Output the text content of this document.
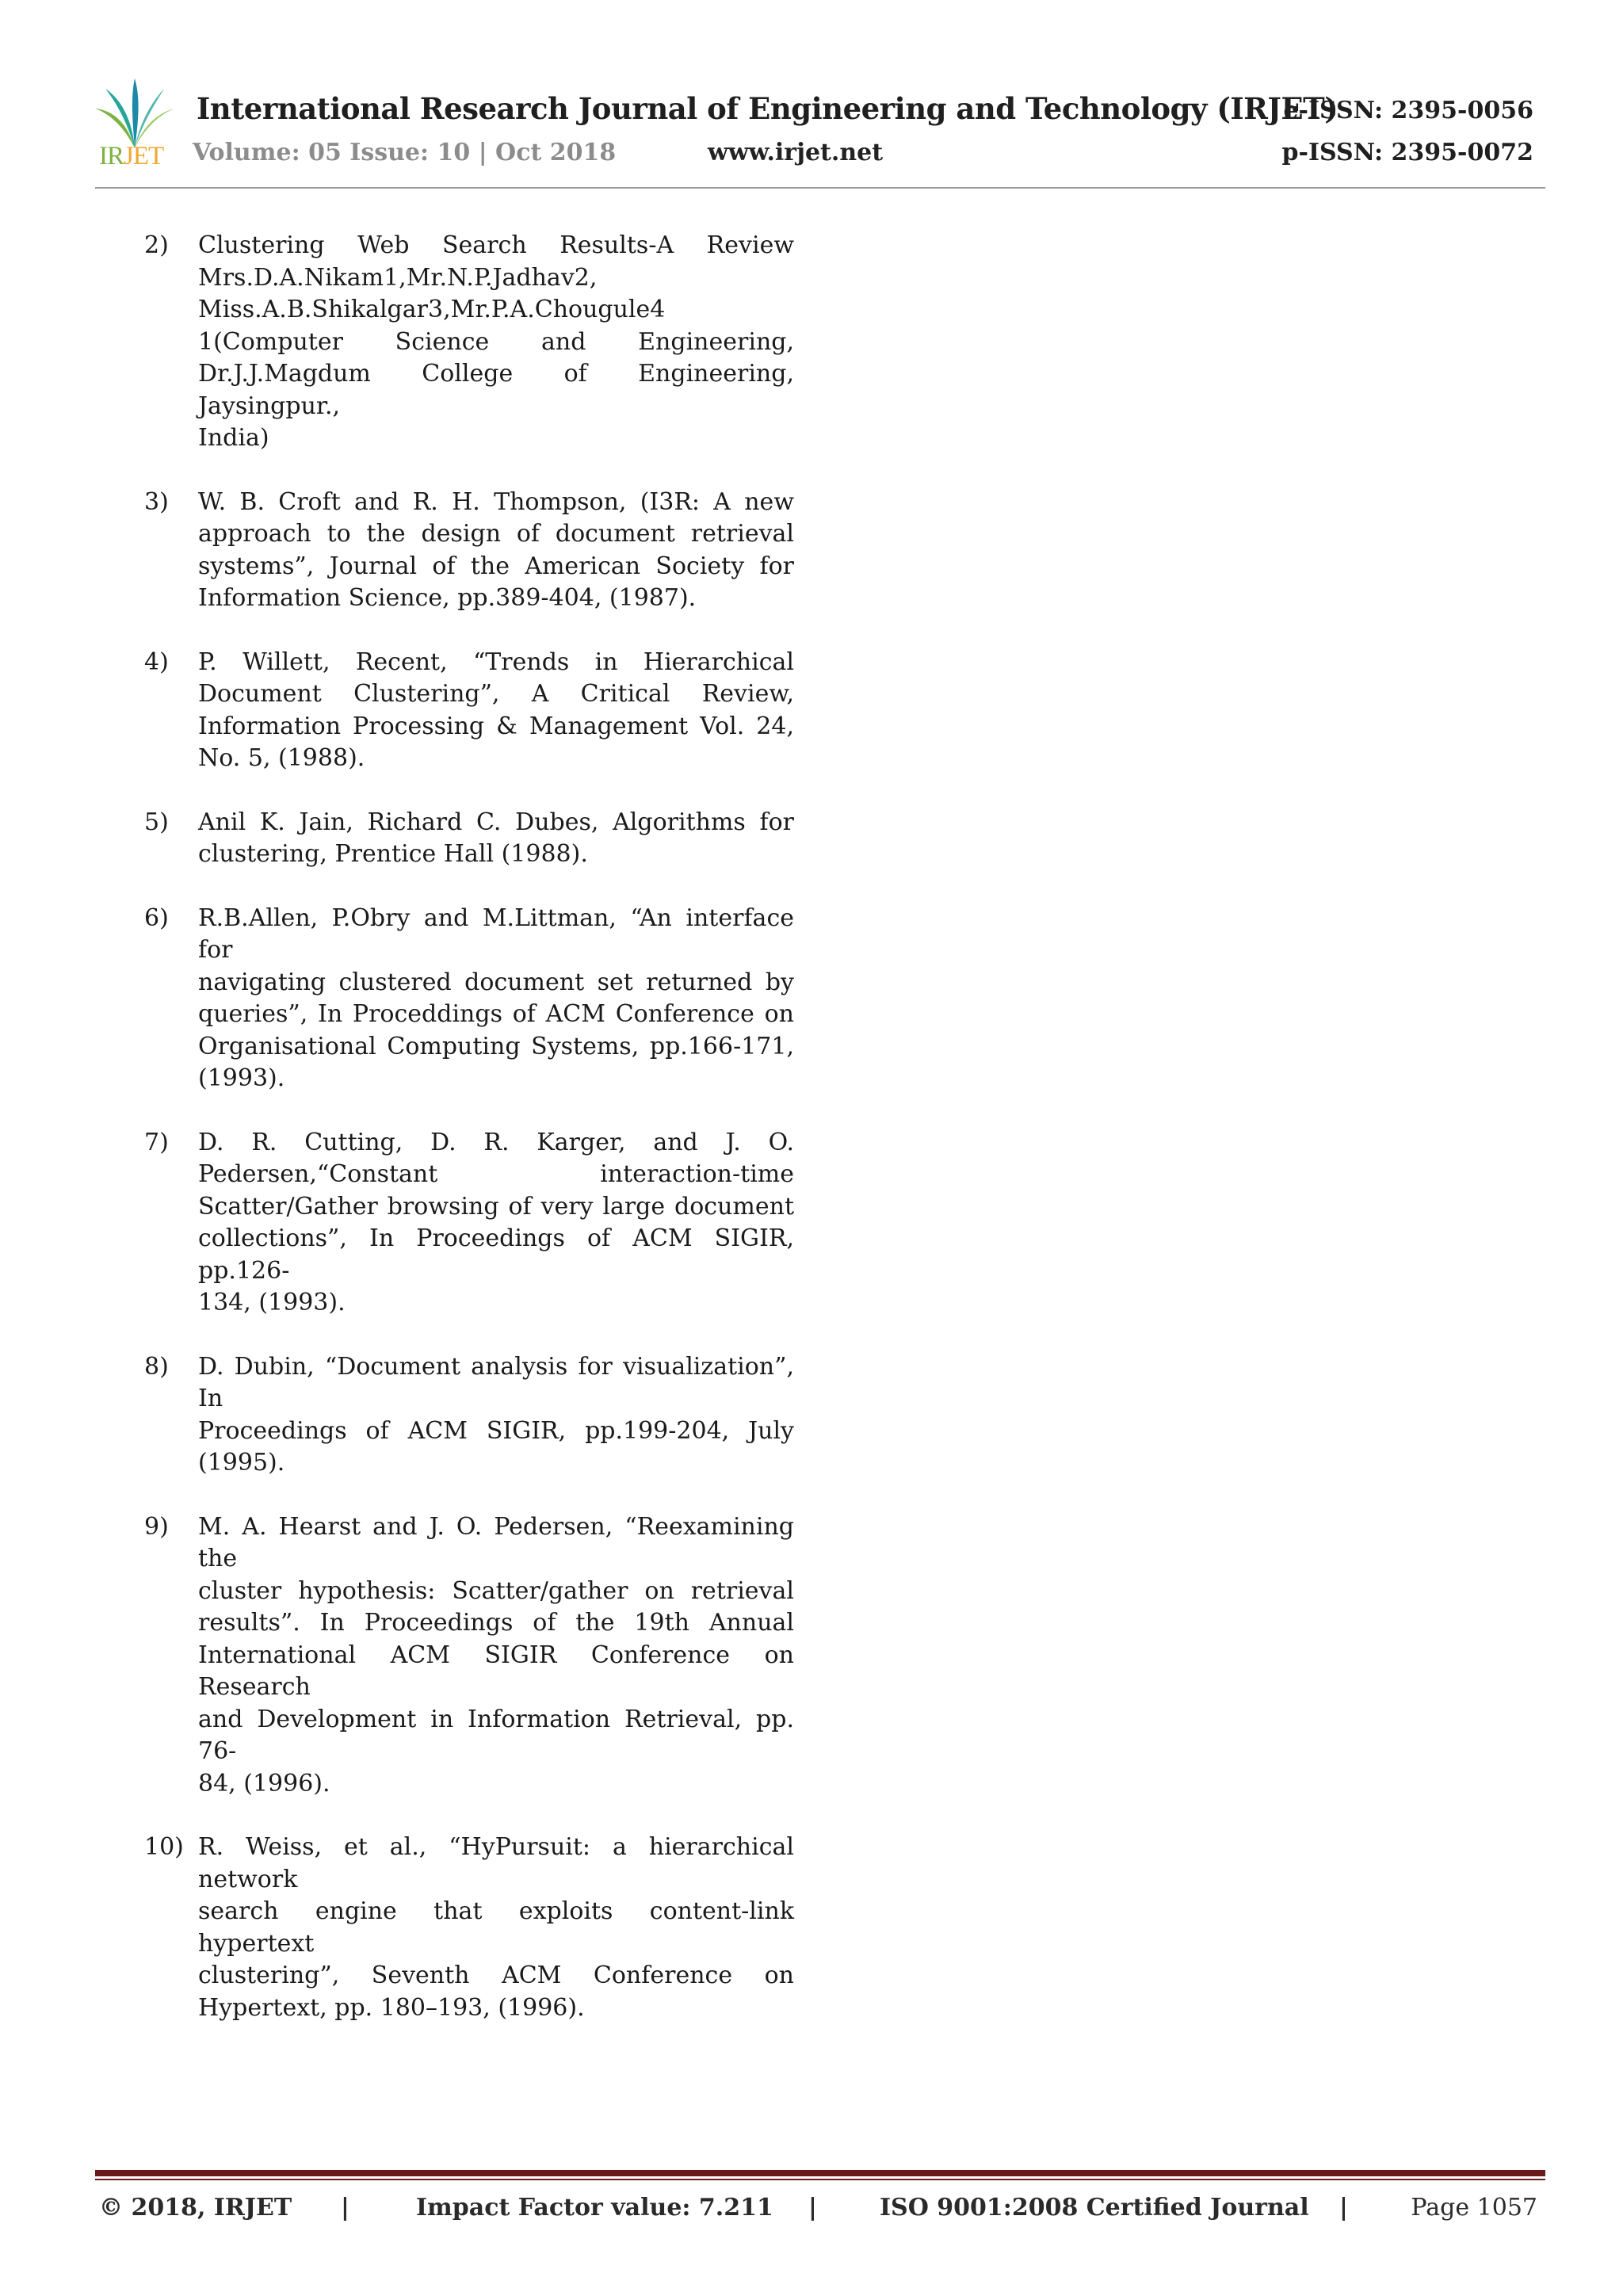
IRJET
International Research Journal of Engineering and Technology (IRJET)
Volume: 05 Issue: 10 | Oct 2018	www.irjet.net
e-ISSN: 2395-0056
p-ISSN: 2395-0072
2) Clustering Web Search Results-A Review
Mrs.D.A.Nikam1,Mr.N.P.Jadhav2,
Miss.A.B.Shikalgar3,Mr.P.A.Chougule4
1(Computer Science and Engineering,
Dr.J.J.Magdum College of Engineering, Jaysingpur.,
India)
3) W. B. Croft and R. H. Thompson, (I3R: A new
approach to the design of document retrieval
systems”, Journal of the American Society for
Information Science, pp.389-404, (1987).
4) P. Willett, Recent, “Trends in Hierarchical
Document Clustering”, A Critical Review,
Information Processing & Management Vol. 24,
No. 5, (1988).
5) Anil K. Jain, Richard C. Dubes, Algorithms for
clustering, Prentice Hall (1988).
6) R.B.Allen, P.Obry and M.Littman, “An interface for
navigating clustered document set returned by
queries”, In Proceddings of ACM Conference on
Organisational Computing Systems, pp.166-171,
(1993).
7) D. R. Cutting, D. R. Karger, and J. O.
Pedersen,“Constant interaction-time
Scatter/Gather browsing of very large document
collections”, In Proceedings of ACM SIGIR, pp.126-
134, (1993).
8) D. Dubin, “Document analysis for visualization”, In
Proceedings of ACM SIGIR, pp.199-204, July
(1995).
9) M. A. Hearst and J. O. Pedersen, “Reexamining the
cluster hypothesis: Scatter/gather on retrieval
results”. In Proceedings of the 19th Annual
International ACM SIGIR Conference on Research
and Development in Information Retrieval, pp. 76-
84, (1996).
10) R. Weiss, et al., “HyPursuit: a hierarchical network
search engine that exploits content-link hypertext
clustering”, Seventh ACM Conference on
Hypertext, pp. 180–193, (1996).
© 2018, IRJET |	Impact Factor value: 7.211 |	ISO 9001:2008 Certified Journal |	Page 1057
